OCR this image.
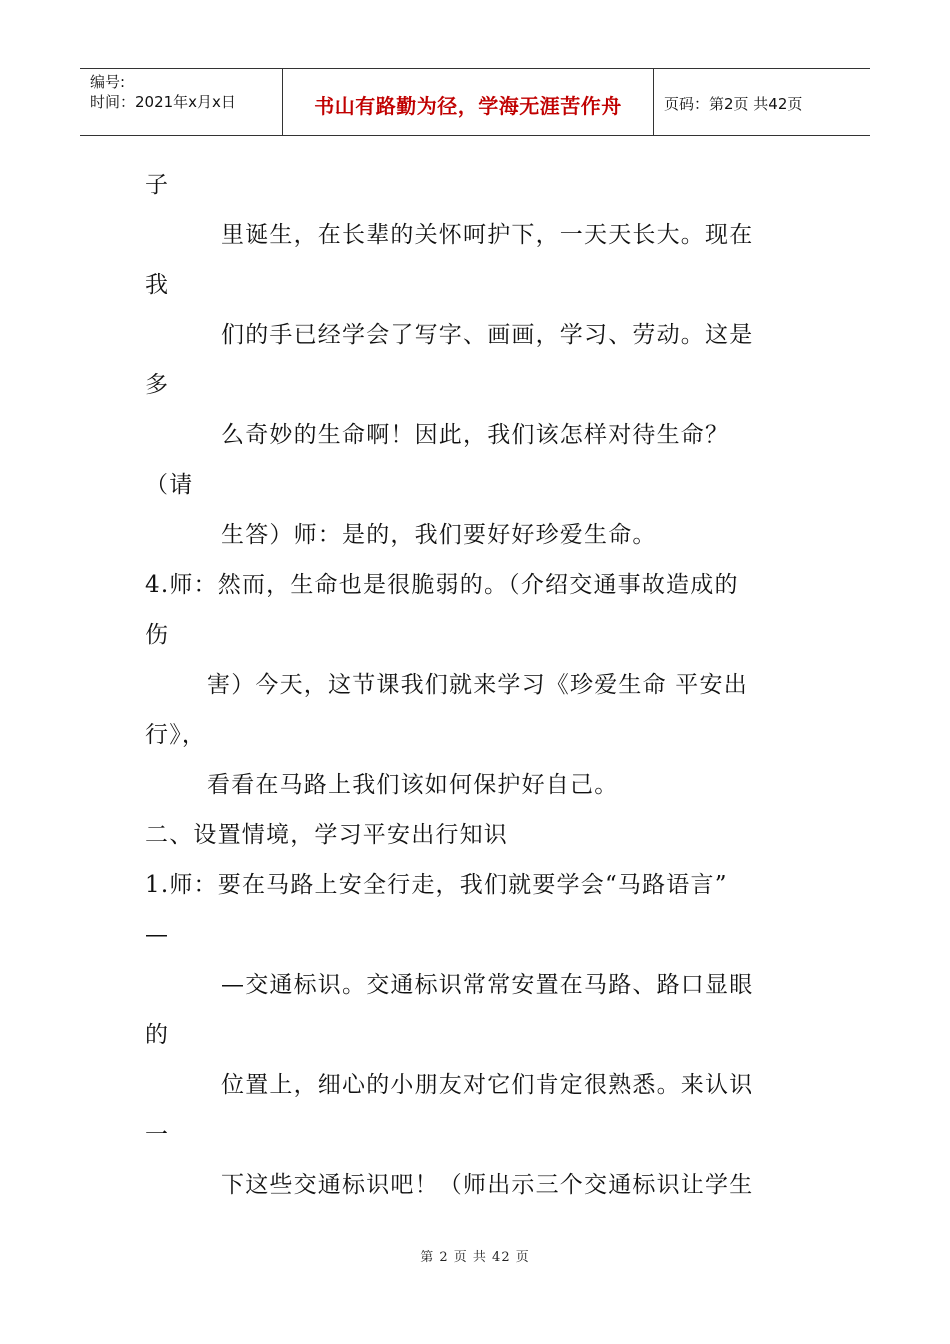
编号:
时间：2021年x月x日	书山有路勤为径，学海无涯苦作舟	页码：第2页 共42页
子
里诞生，在长辈的关怀呵护下，一天天长大。现在
我
们的手已经学会了写字、画画，学习、劳动。这是
多
么奇妙的生命啊！因此，我们该怎样对待生命？
（请
生答）师：是的，我们要好好珍爱生命。
4.师：然而，生命也是很脆弱的。（介绍交通事故造成的
伤
害）今天，这节课我们就来学习《珍爱生命 平安出
行》，
看看在马路上我们该如何保护好自己。
二、设置情境，学习平安出行知识
1.师：要在马路上安全行走，我们就要学会“马路语言”
—
—交通标识。交通标识常常安置在马路、路口显眼
的
位置上，细心的小朋友对它们肯定很熟悉。来认识
一
下这些交通标识吧！（师出示三个交通标识让学生
第 2 页 共 42 页
